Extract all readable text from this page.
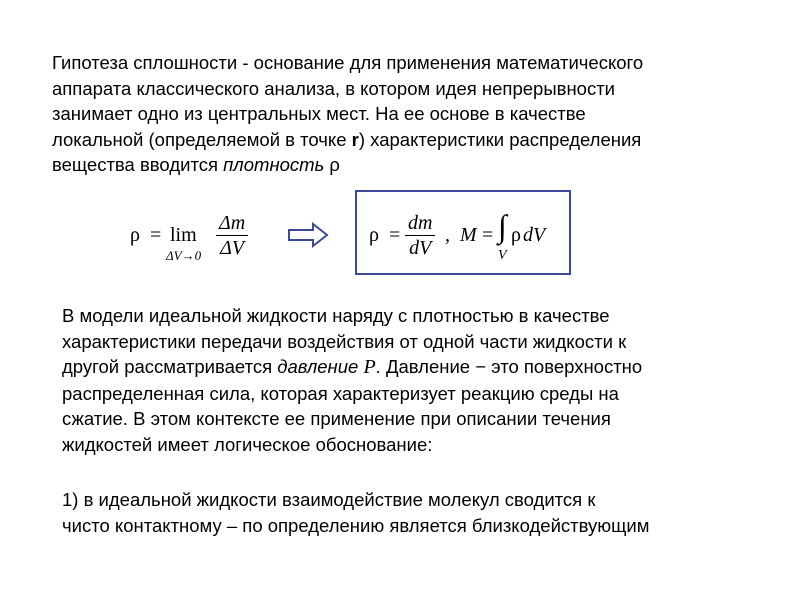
Гипотеза сплошности - основание для применения математического
аппарата классического анализа, в котором идея непрерывности
занимает одно из центральных мест. На ее основе в качестве
локальной (определяемой в точке r) характеристики распределения
вещества вводится плотность ρ
ρ = lim
$\Delta V\to 0 \frac{\Delta m}{\Delta V}$	$\rho = \frac{dm}{dV}$ , M = ∫
V
ρ dV
В модели идеальной жидкости наряду с плотностью в качестве
характеристики передачи воздействия от одной части жидкости к
другой рассматривается давление P. Давление − это поверхностно
распределенная сила, которая характеризует реакцию среды на
сжатие. В этом контексте ее применение при описании течения
жидкостей имеет логическое обоснование:
1) в идеальной жидкости взаимодействие молекул сводится к
чисто контактному – по определению является близкодействующим
